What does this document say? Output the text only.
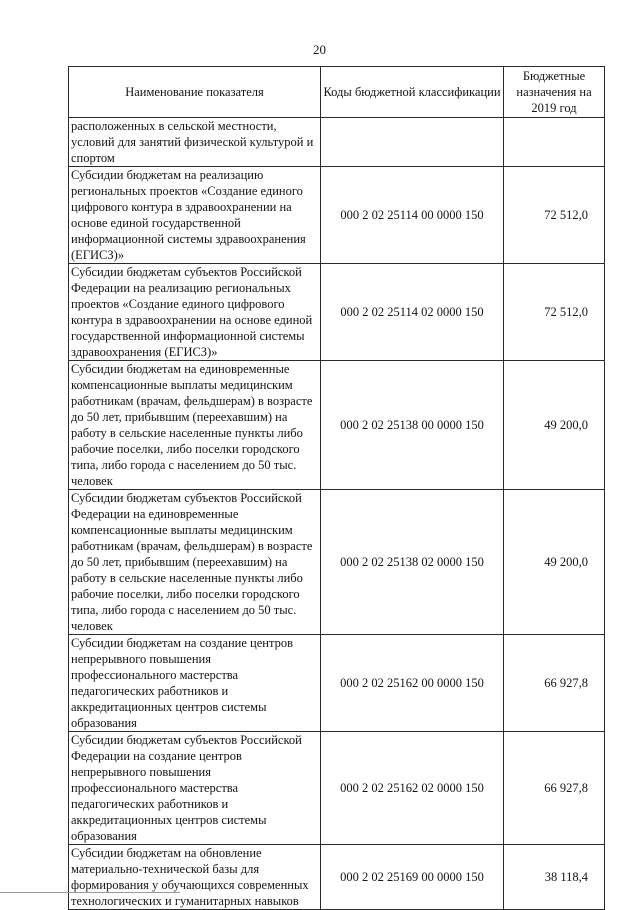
20
Наименование показателя	Коды бюджетной классификации	Бюджетные назначения на 2019 год
расположенных в сельской местности, условий для занятий физической культурой и спортом		
Субсидии бюджетам на реализацию региональных проектов «Создание единого цифрового контура в здравоохранении на основе единой государственной информационной системы здравоохранения (ЕГИСЗ)»	000 2 02 25114 00 0000 150	72 512,0
Субсидии бюджетам субъектов Российской Федерации на реализацию региональных проектов «Создание единого цифрового контура в здравоохранении на основе единой государственной информационной системы здравоохранения (ЕГИСЗ)»	000 2 02 25114 02 0000 150	72 512,0
Субсидии бюджетам на единовременные компенсационные выплаты медицинским работникам (врачам, фельдшерам) в возрасте до 50 лет, прибывшим (переехавшим) на работу в сельские населенные пункты либо рабочие поселки, либо поселки городского типа, либо города с населением до 50 тыс. человек	000 2 02 25138 00 0000 150	49 200,0
Субсидии бюджетам субъектов Российской Федерации на единовременные компенсационные выплаты медицинским работникам (врачам, фельдшерам) в возрасте до 50 лет, прибывшим (переехавшим) на работу в сельские населенные пункты либо рабочие поселки, либо поселки городского типа, либо города с населением до 50 тыс. человек	000 2 02 25138 02 0000 150	49 200,0
Субсидии бюджетам на создание центров непрерывного повышения профессионального мастерства педагогических работников и аккредитационных центров системы образования	000 2 02 25162 00 0000 150	66 927,8
Субсидии бюджетам субъектов Российской Федерации на создание центров непрерывного повышения профессионального мастерства педагогических работников и аккредитационных центров системы образования	000 2 02 25162 02 0000 150	66 927,8
Субсидии бюджетам на обновление материально-технической базы для формирования у обучающихся современных технологических и гуманитарных навыков	000 2 02 25169 00 0000 150	38 118,4
